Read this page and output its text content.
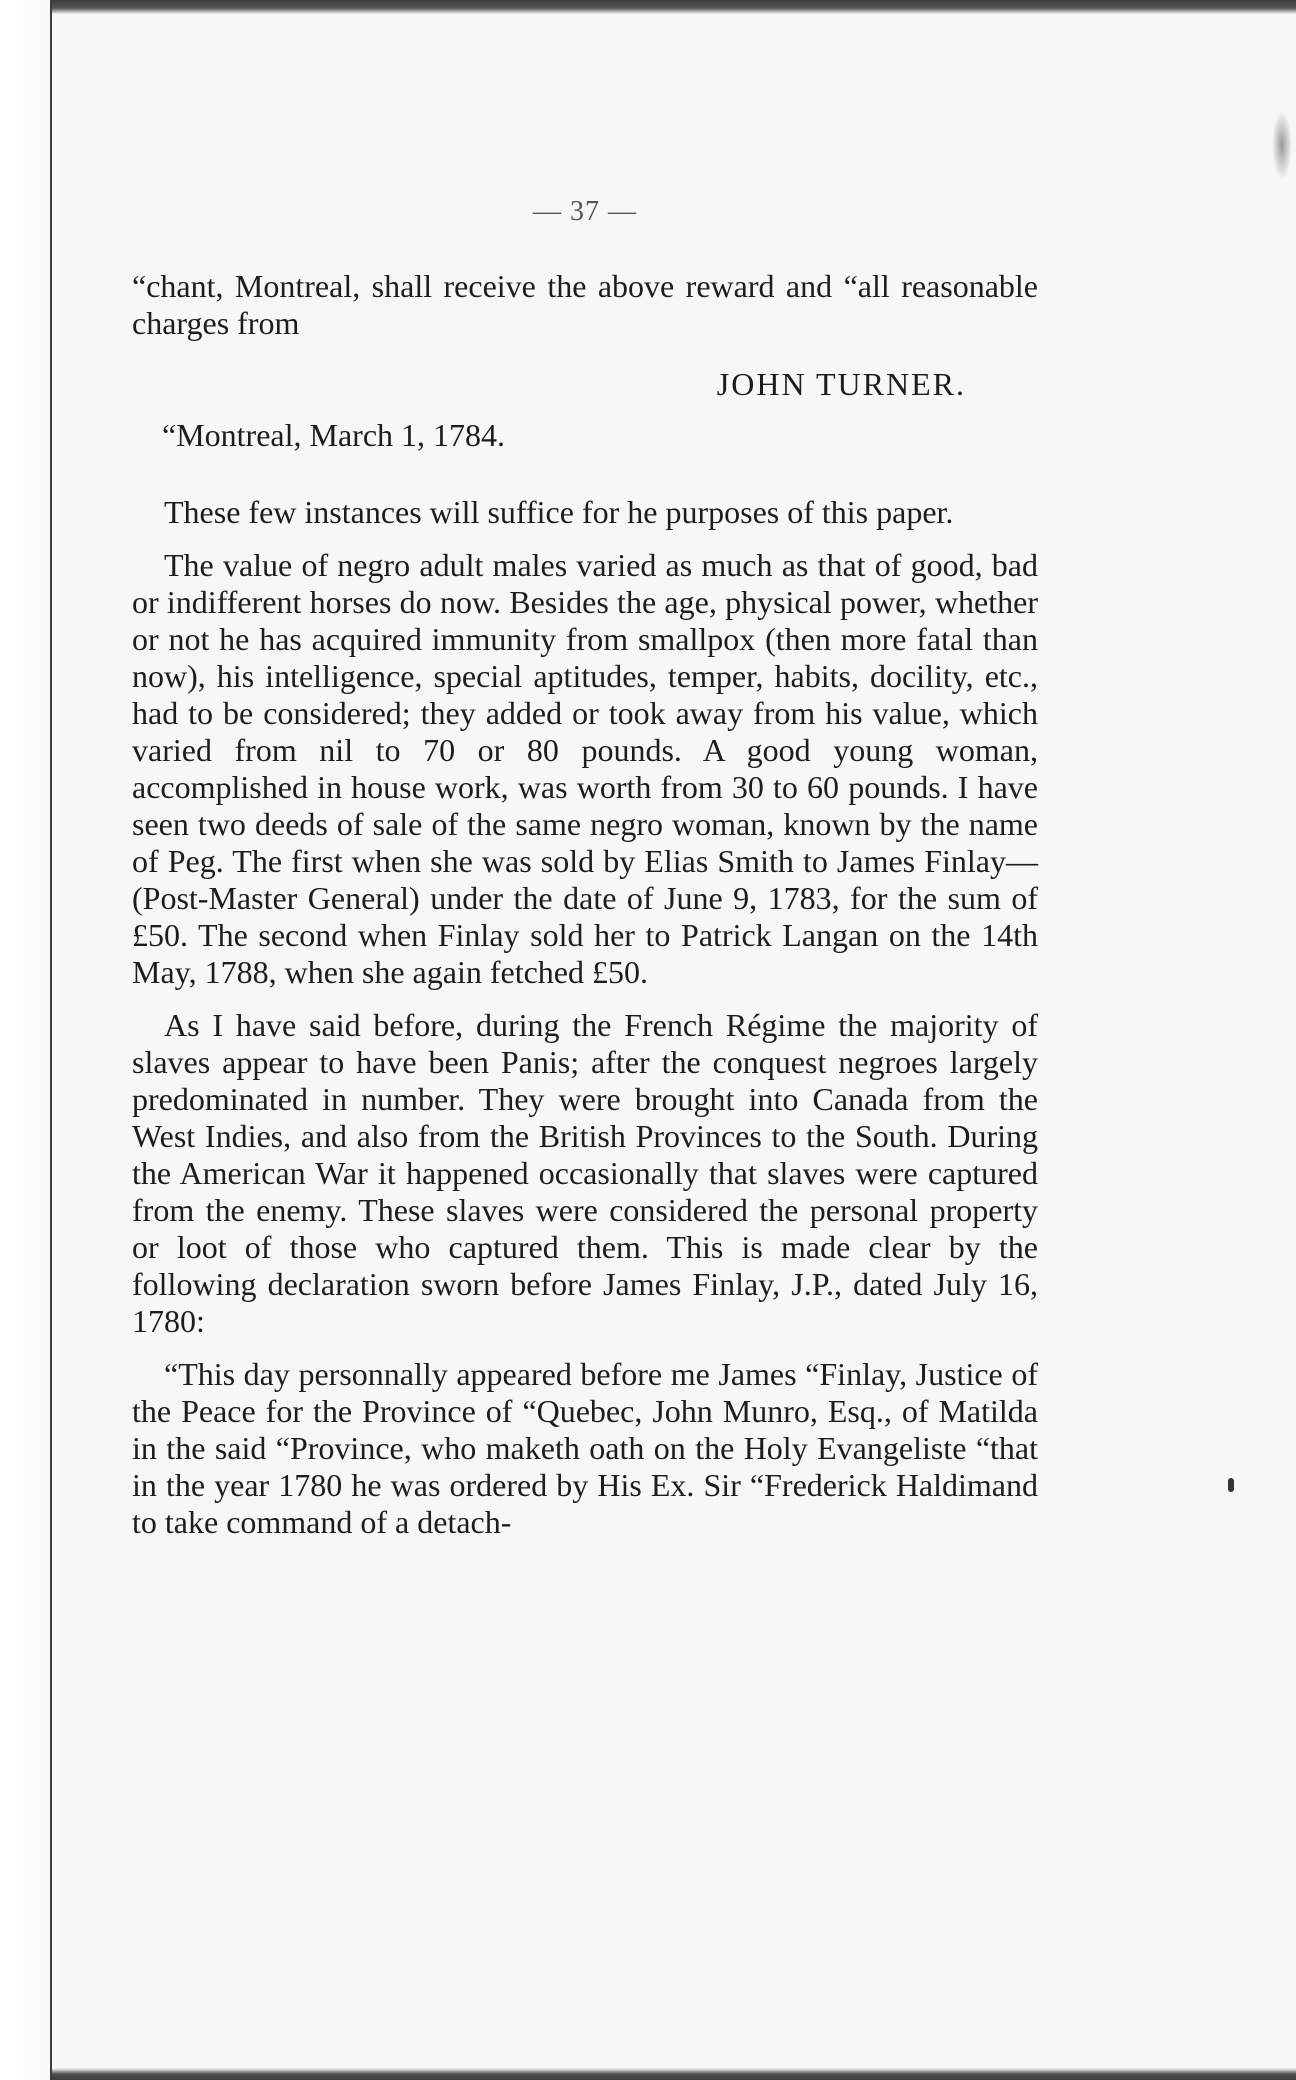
— 37 —

“chant, Montreal, shall receive the above reward and “all reasonable charges from

JOHN TURNER.

“Montreal, March 1, 1784.

These few instances will suffice for he purposes of this paper.

The value of negro adult males varied as much as that of good, bad or indifferent horses do now. Besides the age, physical power, whether or not he has acquired immunity from smallpox (then more fatal than now), his intelligence, special aptitudes, temper, habits, docility, etc., had to be considered; they added or took away from his value, which varied from nil to 70 or 80 pounds. A good young woman, accomplished in house work, was worth from 30 to 60 pounds. I have seen two deeds of sale of the same negro woman, known by the name of Peg. The first when she was sold by Elias Smith to James Finlay—(Post-Master General) under the date of June 9, 1783, for the sum of £50. The second when Finlay sold her to Patrick Langan on the 14th May, 1788, when she again fetched £50.

As I have said before, during the French Régime the majority of slaves appear to have been Panis; after the conquest negroes largely predominated in number. They were brought into Canada from the West Indies, and also from the British Provinces to the South. During the American War it happened occasionally that slaves were captured from the enemy. These slaves were considered the personal property or loot of those who captured them. This is made clear by the following declaration sworn before James Finlay, J.P., dated July 16, 1780:

“This day personnally appeared before me James “Finlay, Justice of the Peace for the Province of “Quebec, John Munro, Esq., of Matilda in the said “Province, who maketh oath on the Holy Evangeliste “that in the year 1780 he was ordered by His Ex. Sir “Frederick Haldimand to take command of a detach-
